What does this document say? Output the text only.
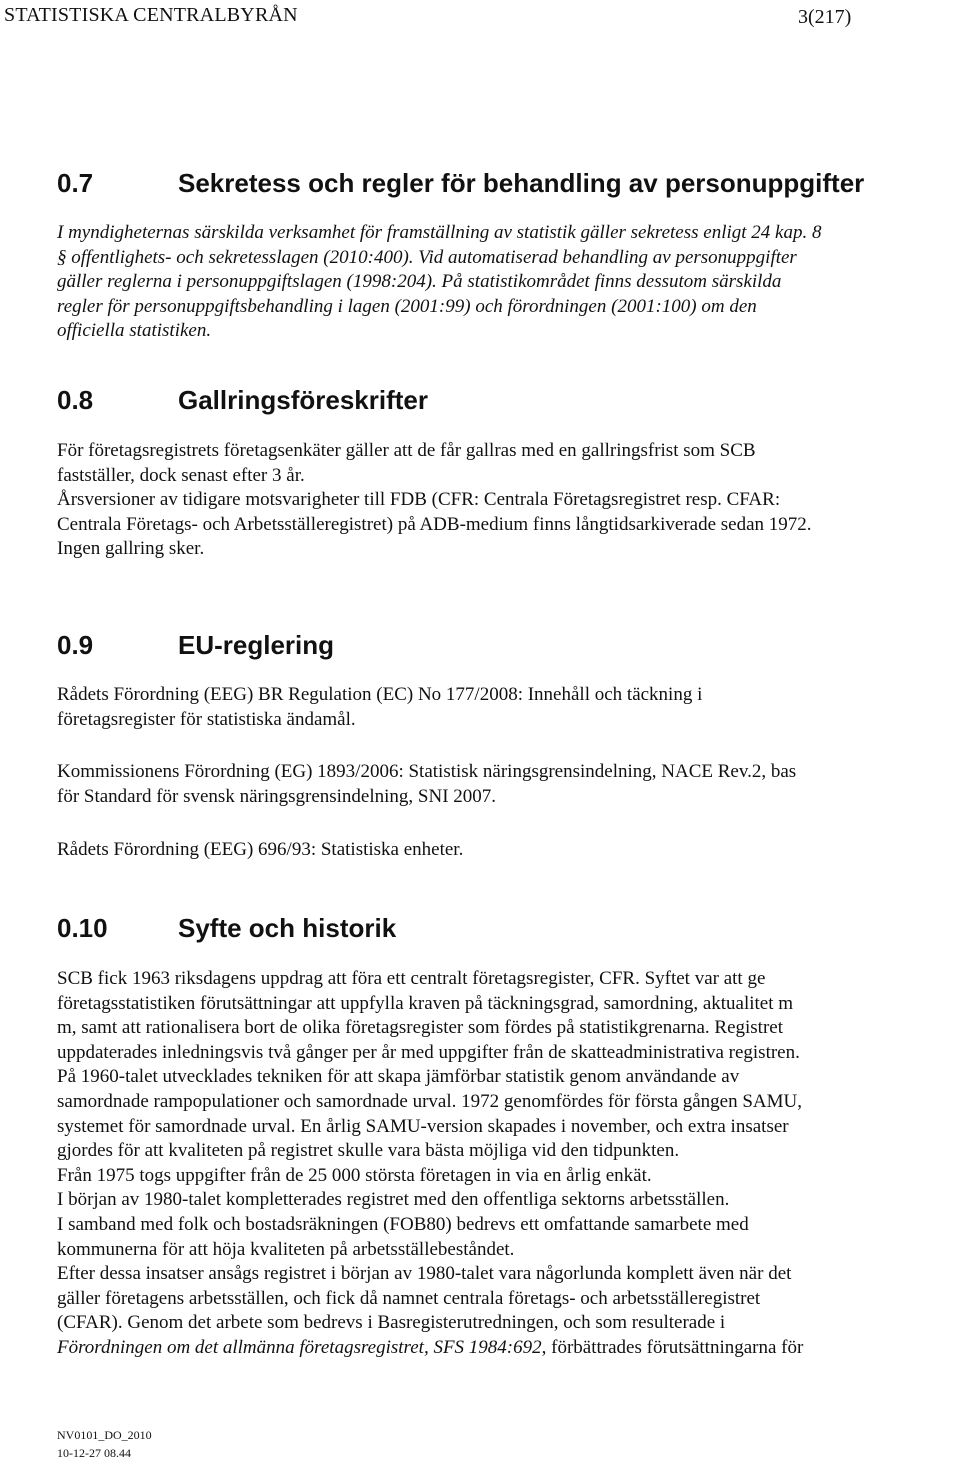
STATISTISKA CENTRALBYRÅN	3(217)
0.7	Sekretess och regler för behandling av personuppgifter
I myndigheternas särskilda verksamhet för framställning av statistik gäller sekretess enligt 24 kap. 8
§ offentlighets- och sekretesslagen (2010:400). Vid automatiserad behandling av personuppgifter
gäller reglerna i personuppgiftslagen (1998:204). På statistikområdet finns dessutom särskilda
regler för personuppgiftsbehandling i lagen (2001:99) och förordningen (2001:100) om den
officiella statistiken.
0.8	Gallringsföreskrifter
För företagsregistrets företagsenkäter gäller att de får gallras med en gallringsfrist som SCB
fastställer, dock senast efter 3 år.
Årsversioner av tidigare motsvarigheter till FDB (CFR: Centrala Företagsregistret resp. CFAR:
Centrala Företags- och Arbetsställeregistret) på ADB-medium finns långtidsarkiverade sedan 1972.
Ingen gallring sker.
0.9	EU-reglering
Rådets Förordning (EEG) BR Regulation (EC) No 177/2008: Innehåll och täckning i
företagsregister för statistiska ändamål.
Kommissionens Förordning (EG) 1893/2006: Statistisk näringsgrensindelning, NACE Rev.2, bas
för Standard för svensk näringsgrensindelning, SNI 2007.
Rådets Förordning (EEG) 696/93: Statistiska enheter.
0.10	Syfte och historik
SCB fick 1963 riksdagens uppdrag att föra ett centralt företagsregister, CFR. Syftet var att ge
företagsstatistiken förutsättningar att uppfylla kraven på täckningsgrad, samordning, aktualitet m
m, samt att rationalisera bort de olika företagsregister som fördes på statistikgrenarna. Registret
uppdaterades inledningsvis två gånger per år med uppgifter från de skatteadministrativa registren.
På 1960-talet utvecklades tekniken för att skapa jämförbar statistik genom användande av
samordnade rampopulationer och samordnade urval. 1972 genomfördes för första gången SAMU,
systemet för samordnade urval. En årlig SAMU-version skapades i november, och extra insatser
gjordes för att kvaliteten på registret skulle vara bästa möjliga vid den tidpunkten.
Från 1975 togs uppgifter från de 25 000 största företagen in via en årlig enkät.
I början av 1980-talet kompletterades registret med den offentliga sektorns arbetsställen.
I samband med folk och bostadsräkningen (FOB80) bedrevs ett omfattande samarbete med
kommunerna för att höja kvaliteten på arbetsställebeståndet.
Efter dessa insatser ansågs registret i början av 1980-talet vara någorlunda komplett även när det
gäller företagens arbetsställen, och fick då namnet centrala företags- och arbetsställeregistret
(CFAR). Genom det arbete som bedrevs i Basregisterutredningen, och som resulterade i
Förordningen om det allmänna företagsregistret, SFS 1984:692, förbättrades förutsättningarna för
NV0101_DO_2010
10-12-27 08.44
